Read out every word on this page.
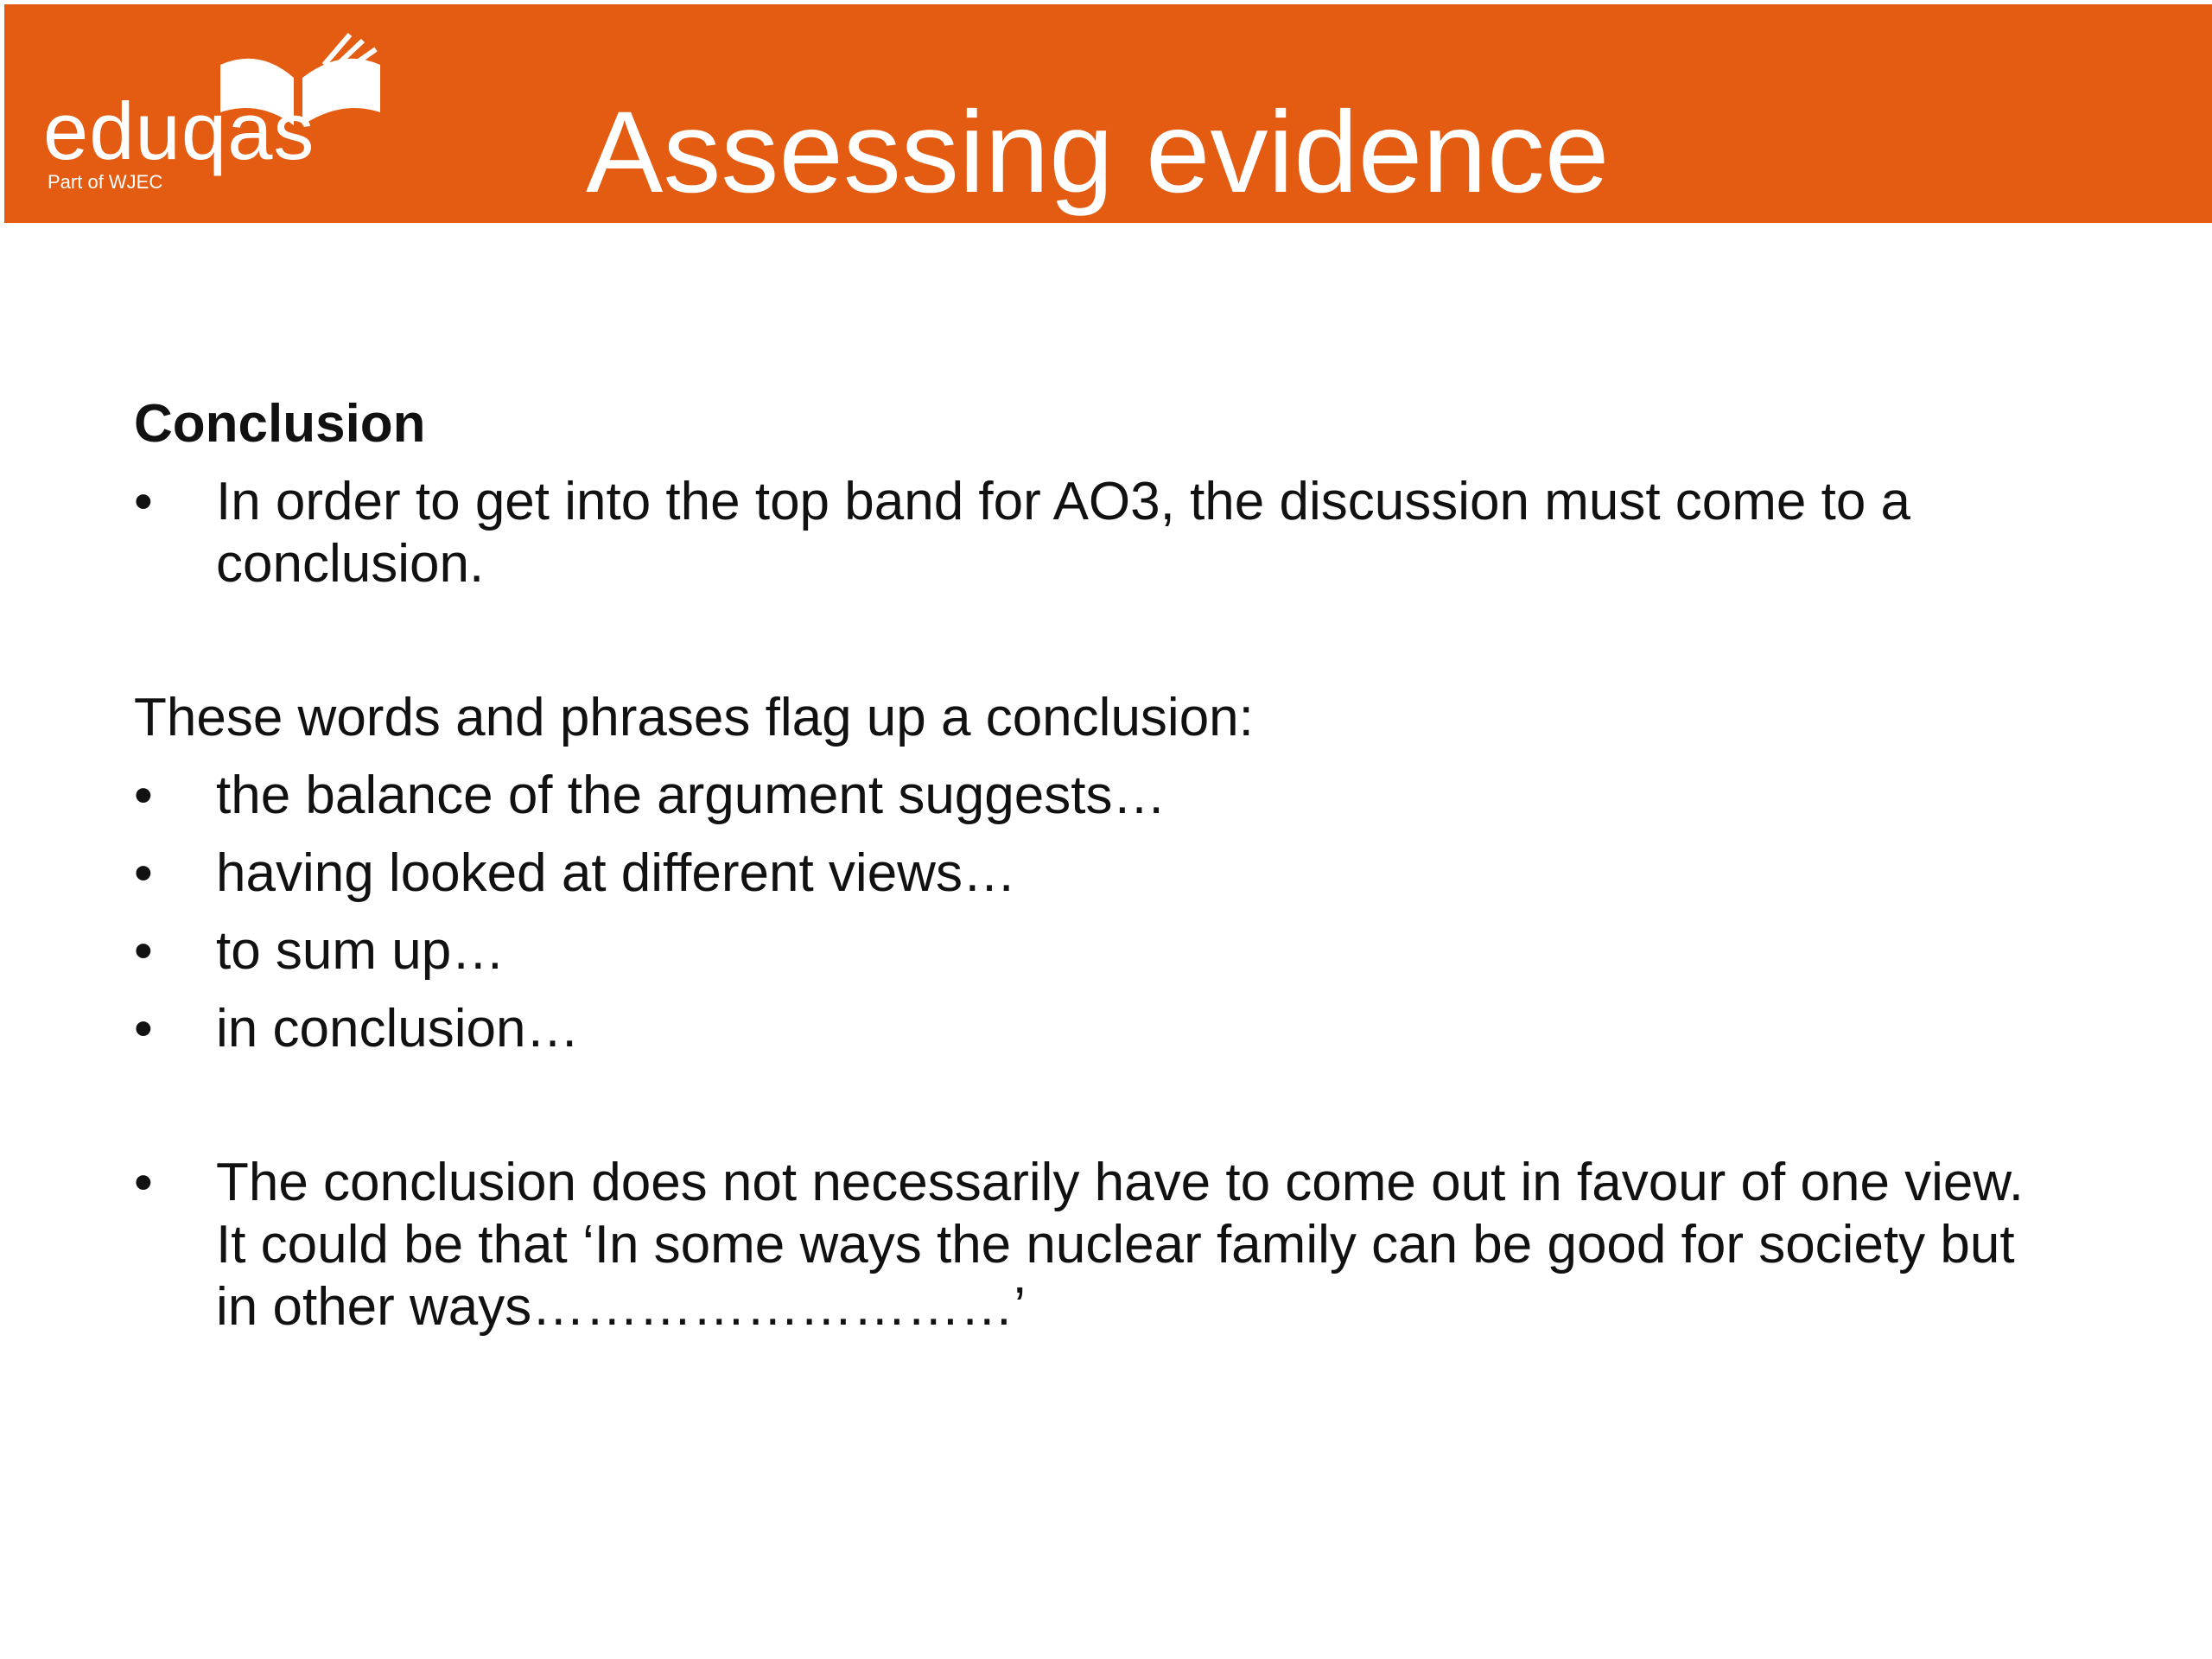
eduqas
Part of WJEC	Assessing evidence
Conclusion
• In order to get into the top band for AO3, the discussion must come to a conclusion.
These words and phrases flag up a conclusion:
• the balance of the argument suggests…
• having looked at different views…
• to sum up…
• in conclusion…
• The conclusion does not necessarily have to come out in favour of one view. It could be that ‘In some ways the nuclear family can be good for society but in other ways………………………’
